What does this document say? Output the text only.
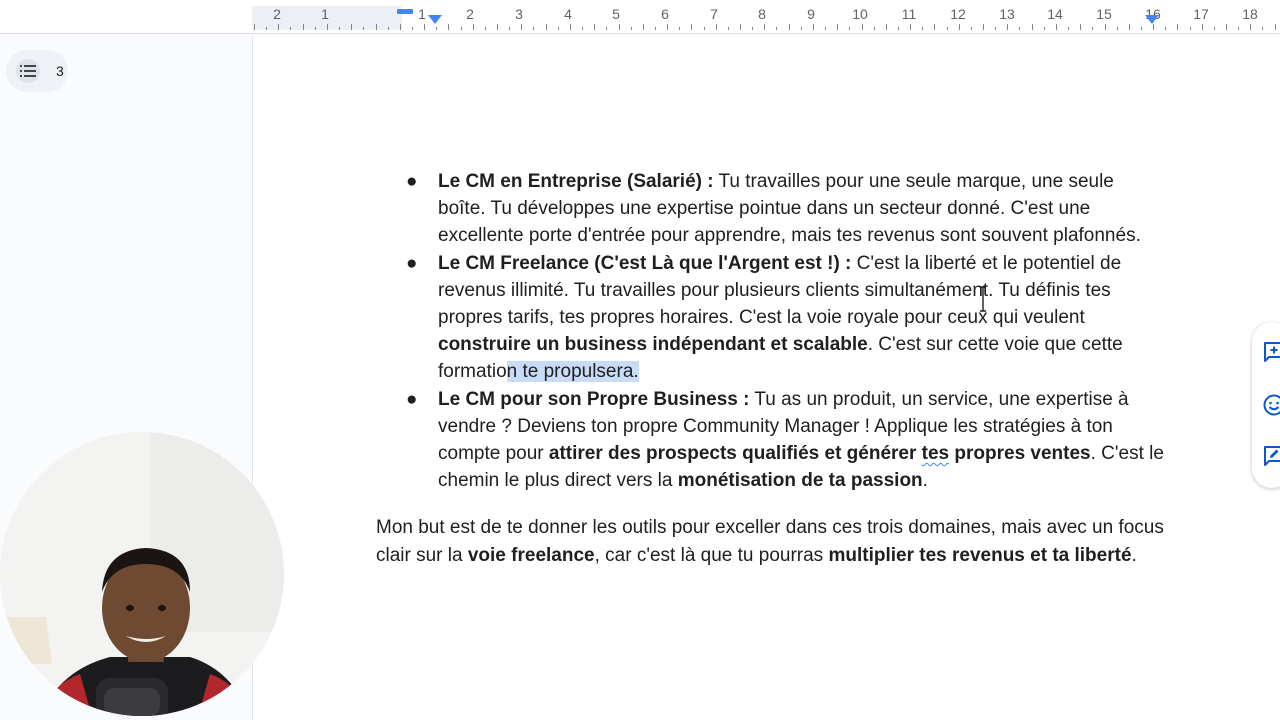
2	1	1	2	3	4	5	6	7	8	9	10 11 12 13 14 15 16 17 18
3
● Le CM en Entreprise (Salarié) : Tu travailles pour une seule marque, une seule boîte. Tu développes une expertise pointue dans un secteur donné. C'est une excellente porte d'entrée pour apprendre, mais tes revenus sont souvent plafonnés.
● Le CM Freelance (C'est Là que l'Argent est !) : C'est la liberté et le potentiel de revenus illimité. Tu travailles pour plusieurs clients simultanément. Tu définis tes propres tarifs, tes propres horaires. C'est la voie royale pour ceux qui veulent construire un business indépendant et scalable. C'est sur cette voie que cette formation te propulsera.
● Le CM pour son Propre Business : Tu as un produit, un service, une expertise à vendre ? Deviens ton propre Community Manager ! Applique les stratégies à ton compte pour attirer des prospects qualifiés et générer tes propres ventes. C'est le chemin le plus direct vers la monétisation de ta passion.

Mon but est de te donner les outils pour exceller dans ces trois domaines, mais avec un focus clair sur la voie freelance, car c'est là que tu pourras multiplier tes revenus et ta liberté.
